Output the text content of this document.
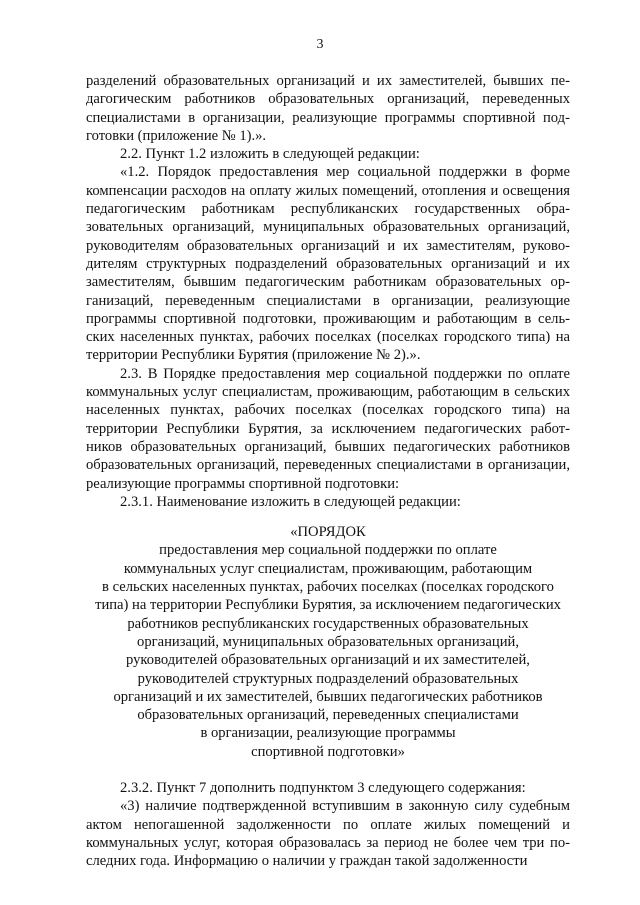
3

разделений образовательных организаций и их заместителей, бывших педагогическим работников образовательных организаций, переведенных специалистами в организации, реализующие программы спортивной подготовки (приложение № 1).».

2.2. Пункт 1.2 изложить в следующей редакции:

«1.2. Порядок предоставления мер социальной поддержки в форме компенсации расходов на оплату жилых помещений, отопления и освещения педагогическим работникам республиканских государственных образовательных организаций, муниципальных образовательных организаций, руководителям образовательных организаций и их заместителям, руководителям структурных подразделений образовательных организаций и их заместителям, бывшим педагогическим работникам образовательных организаций, переведенным специалистами в организации, реализующие программы спортивной подготовки, проживающим и работающим в сельских населенных пунктах, рабочих поселках (поселках городского типа) на территории Республики Бурятия (приложение № 2).».

2.3. В Порядке предоставления мер социальной поддержки по оплате коммунальных услуг специалистам, проживающим, работающим в сельских населенных пунктах, рабочих поселках (поселках городского типа) на территории Республики Бурятия, за исключением педагогических работников образовательных организаций, бывших педагогических работников образовательных организаций, переведенных специалистами в организации, реализующие программы спортивной подготовки:

2.3.1. Наименование изложить в следующей редакции:

«ПОРЯДОК

предоставления мер социальной поддержки по оплате

коммунальных услуг специалистам, проживающим, работающим

в сельских населенных пунктах, рабочих поселках (поселках городского

типа) на территории Республики Бурятия, за исключением педагогических

работников республиканских государственных образовательных

организаций, муниципальных образовательных организаций,

руководителей образовательных организаций и их заместителей,

руководителей структурных подразделений образовательных

организаций и их заместителей, бывших педагогических работников

образовательных организаций, переведенных специалистами

в организации, реализующие программы

спортивной подготовки»

2.3.2. Пункт 7 дополнить подпунктом 3 следующего содержания:

«3) наличие подтвержденной вступившим в законную силу судебным актом непогашенной задолженности по оплате жилых помещений и коммунальных услуг, которая образовалась за период не более чем три последних года. Информацию о наличии у граждан такой задолженности
